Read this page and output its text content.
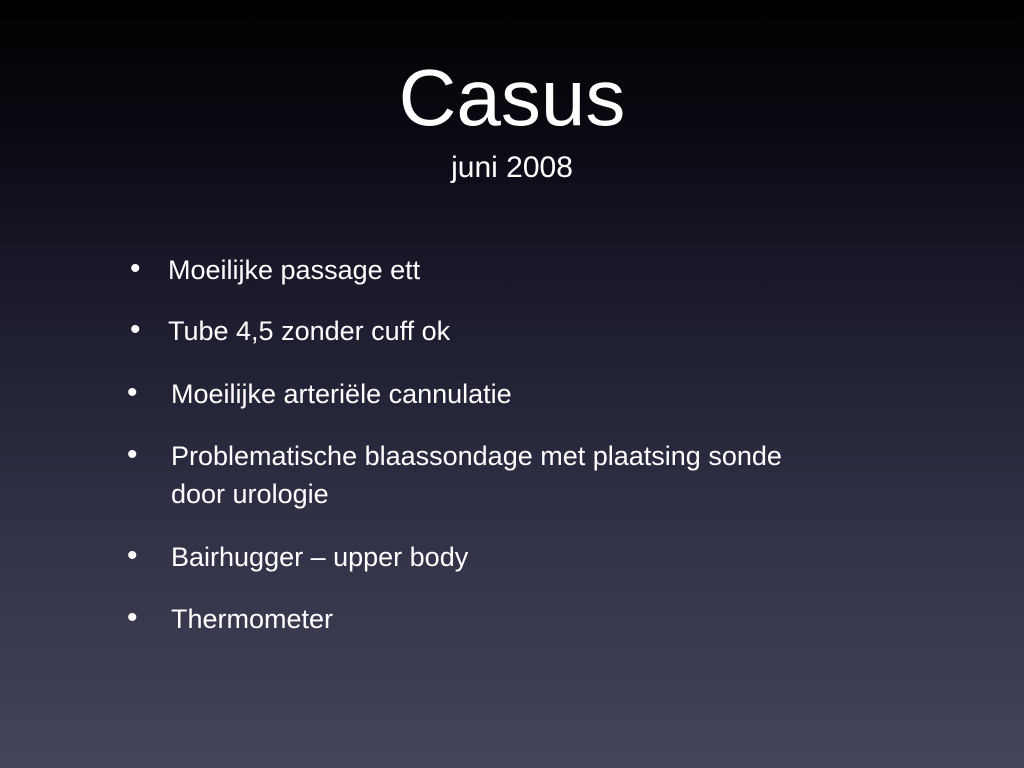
Casus
juni 2008
• Moeilijke passage ett
• Tube 4,5 zonder cuff ok
• Moeilijke arteriële cannulatie
• Problematische blaassondage met plaatsing sonde
door urologie
• Bairhugger – upper body
• Thermometer
